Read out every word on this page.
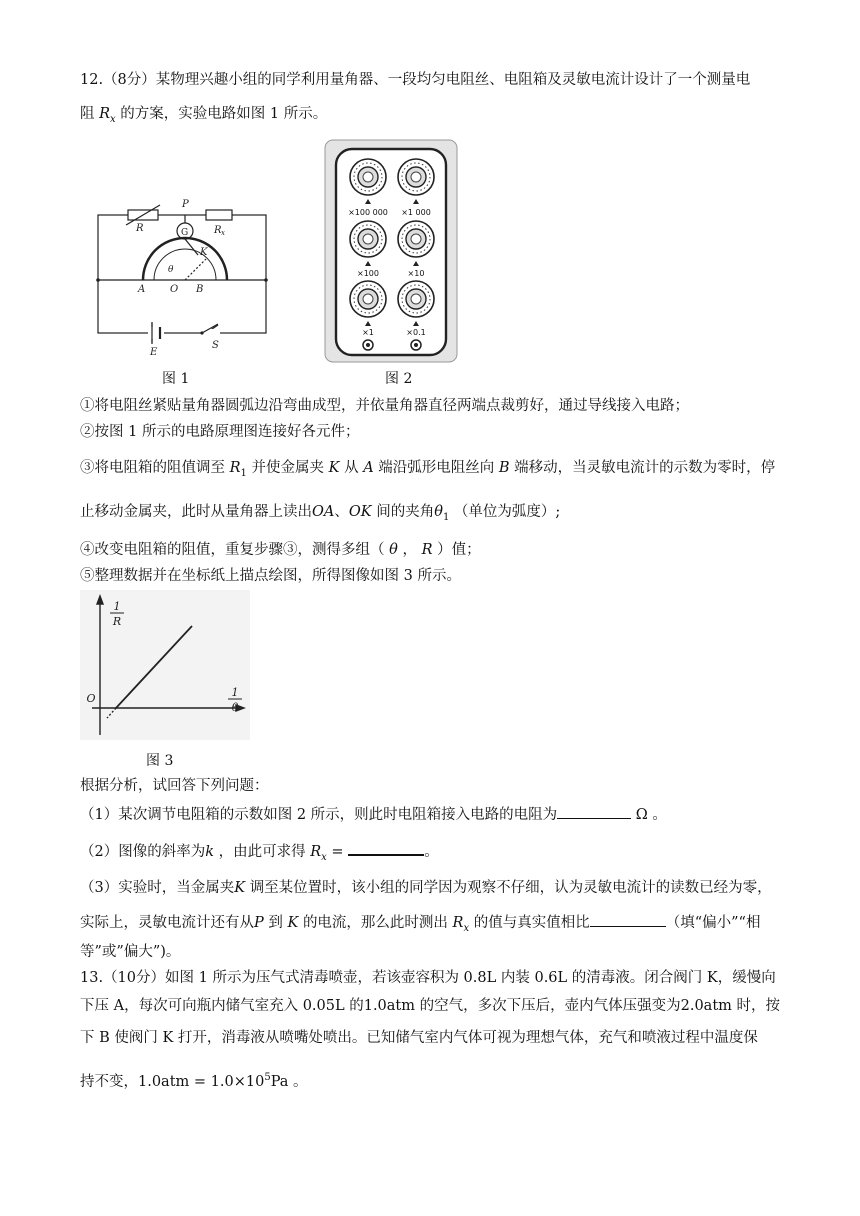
12.（8分）某物理兴趣小组的同学利用量角器、一段均匀电阻丝、电阻箱及灵敏电流计设计了一个测量电
阻 $R_x$ 的方案，实验电路如图 1 所示。
R
P
G	R x
K
θ
A O B
E
S
图 1
×100 000 ×1 000
×100	×10
×1	×0.1
图 2
①将电阻丝紧贴量角器圆弧边沿弯曲成型，并依量角器直径两端点裁剪好，通过导线接入电路；
②按图 1 所示的电路原理图连接好各元件；
③将电阻箱的阻值调至 $R_1$ 并使金属夹 K 从 A 端沿弧形电阻丝向 B 端移动，当灵敏电流计的示数为零时，停
止移动金属夹，此时从量角器上读出OA、OK 间的夹角$\theta_1$ （单位为弧度）;
④改变电阻箱的阻值，重复步骤③，测得多组（ θ ， R ）值；
⑤整理数据并在坐标纸上描点绘图，所得图像如图 3 所示。
1
R
1
θ
O
图 3
根据分析，试回答下列问题：
（1）某次调节电阻箱的示数如图 2 所示，则此时电阻箱接入电路的电阻为	Ω 。
（2）图像的斜率为k ，由此可求得 $R_x$ =	。
（3）实验时，当金属夹K 调至某位置时，该小组的同学因为观察不仔细，认为灵敏电流计的读数已经为零，
实际上，灵敏电流计还有从P 到 K 的电流，那么此时测出 $R_x$ 的值与真实值相比	（填“偏小”“相
等”或”偏大”)。
13.（10分）如图 1 所示为压气式清毒喷壶，若该壶容积为 0.8L 内装 0.6L 的清毒液。闭合阀门 K，缓慢向
下压 A，每次可向瓶内储气室充入 0.05L 的1.0atm 的空气，多次下压后，壶内气体压强变为2.0atm 时，按
下 B 使阀门 K 打开，消毒液从喷嘴处喷出。已知储气室内气体可视为理想气体，充气和喷液过程中温度保
持不变，$1.0atm = 1.0\times 10^5Pa$ 。
